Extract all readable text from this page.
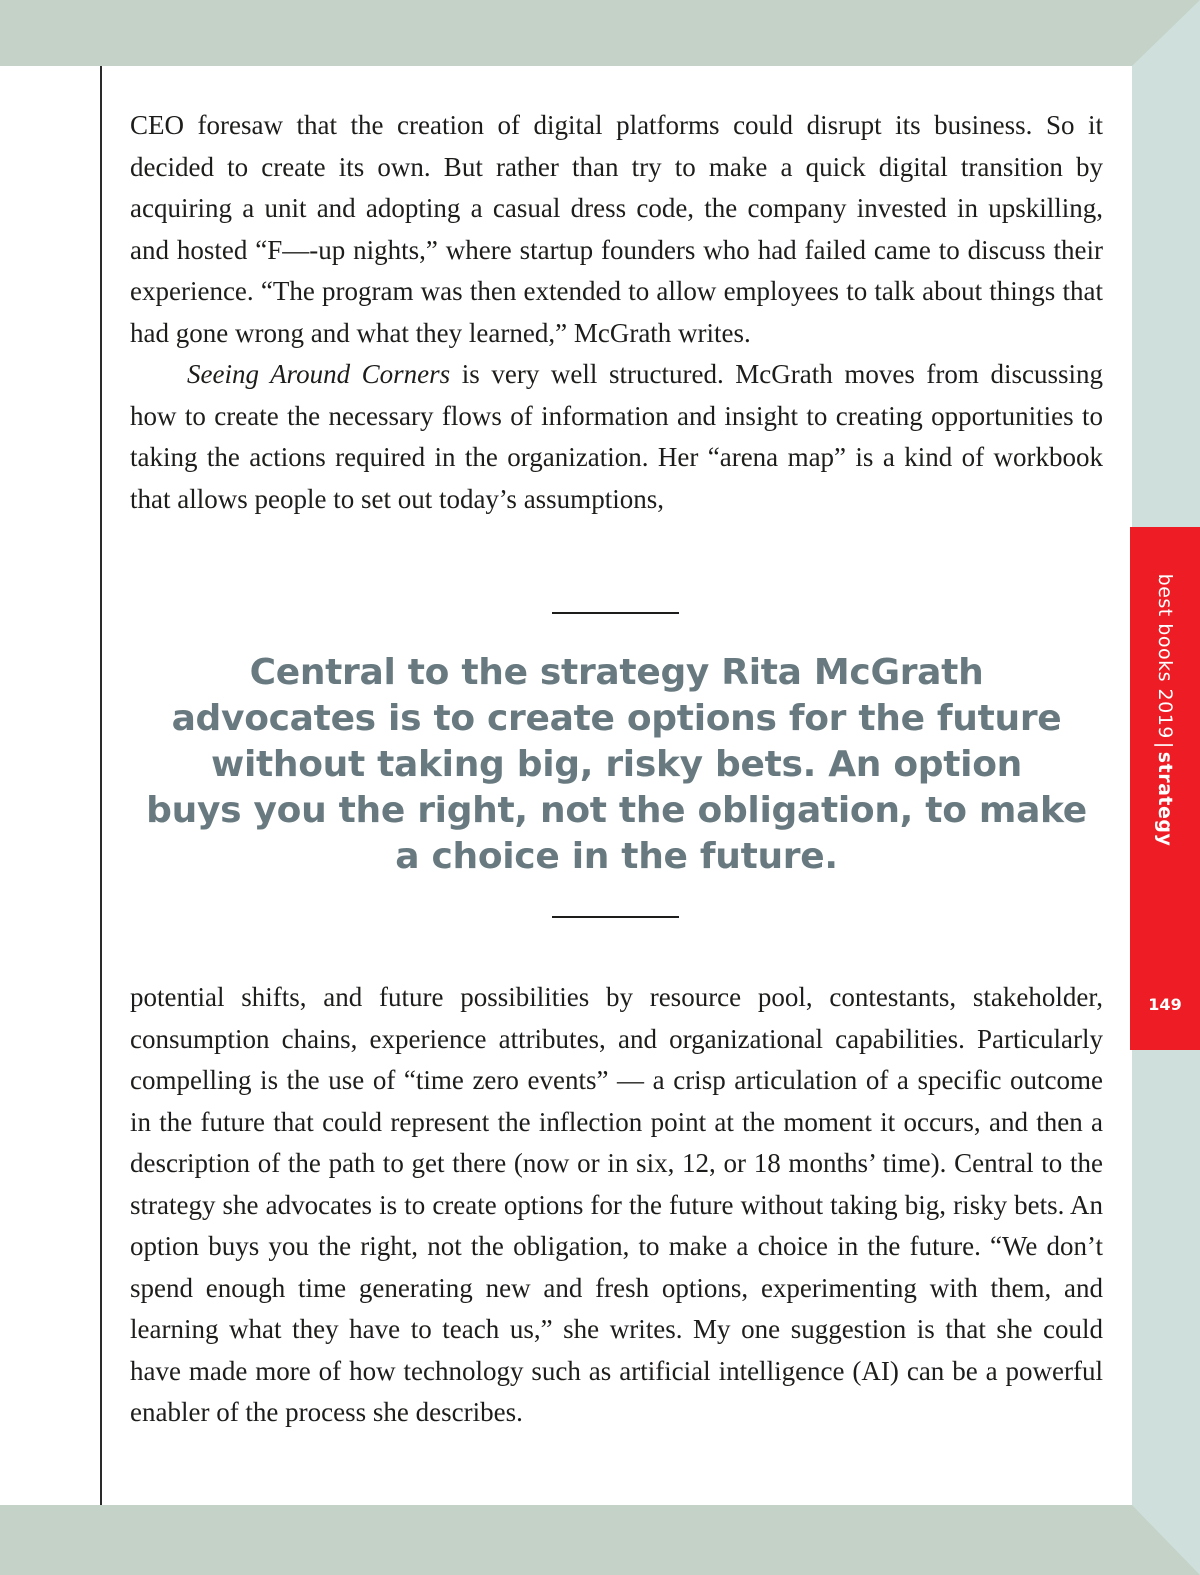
CEO foresaw that the creation of digital platforms could disrupt its business. So it decided to create its own. But rather than try to make a quick digital transition by acquiring a unit and adopting a casual dress code, the company invested in upskilling, and hosted “F—-up nights,” where startup founders who had failed came to discuss their experience. “The program was then extended to allow employees to talk about things that had gone wrong and what they learned,” McGrath writes.

Seeing Around Corners is very well structured. McGrath moves from discussing how to create the necessary flows of information and insight to creating opportunities to taking the actions required in the organization. Her “arena map” is a kind of workbook that allows people to set out today’s assumptions,

Central to the strategy Rita McGrath
advocates is to create options for the future
without taking big, risky bets. An option
buys you the right, not the obligation, to make
a choice in the future.

potential shifts, and future possibilities by resource pool, contestants, stakeholder, consumption chains, experience attributes, and organizational capabilities. Particularly compelling is the use of “time zero events” — a crisp articulation of a specific outcome in the future that could represent the inflection point at the moment it occurs, and then a description of the path to get there (now or in six, 12, or 18 months’ time). Central to the strategy she advocates is to create options for the future without taking big, risky bets. An option buys you the right, not the obligation, to make a choice in the future. “We don’t spend enough time generating new and fresh options, experimenting with them, and learning what they have to teach us,” she writes. My one suggestion is that she could have made more of how technology such as artificial intelligence (AI) can be a powerful enabler of the process she describes.

best books 2019|strategy
149
